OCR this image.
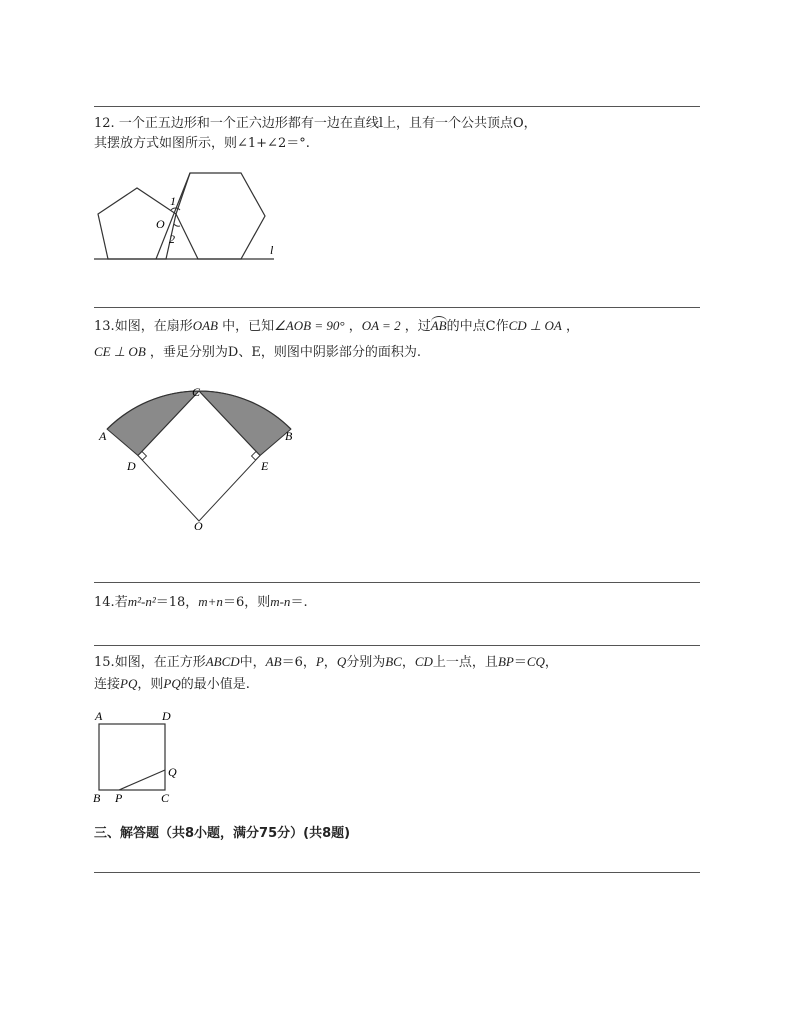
12. 一个正五边形和一个正六边形都有一边在直线l上，且有一个公共顶点O，
其摆放方式如图所示，则∠1+∠2＝°.
O
1
2
l
13.如图，在扇形OAB 中，已知∠AOB = 90° ，OA = 2 ，过AB的中点C作CD ⊥ OA ，
CE ⊥ OB ，垂足分别为D、E，则图中阴影部分的面积为.
A	B
C
D	E
O
14.若m²-n²＝18，m+n＝6，则m-n＝.
15.如图，在正方形ABCD中，AB＝6，P，Q分别为BC，CD上一点，且BP＝CQ，
连接PQ，则PQ的最小值是.
A	D
B P	C
Q
三、解答题（共8小题，满分75分）(共8题)
